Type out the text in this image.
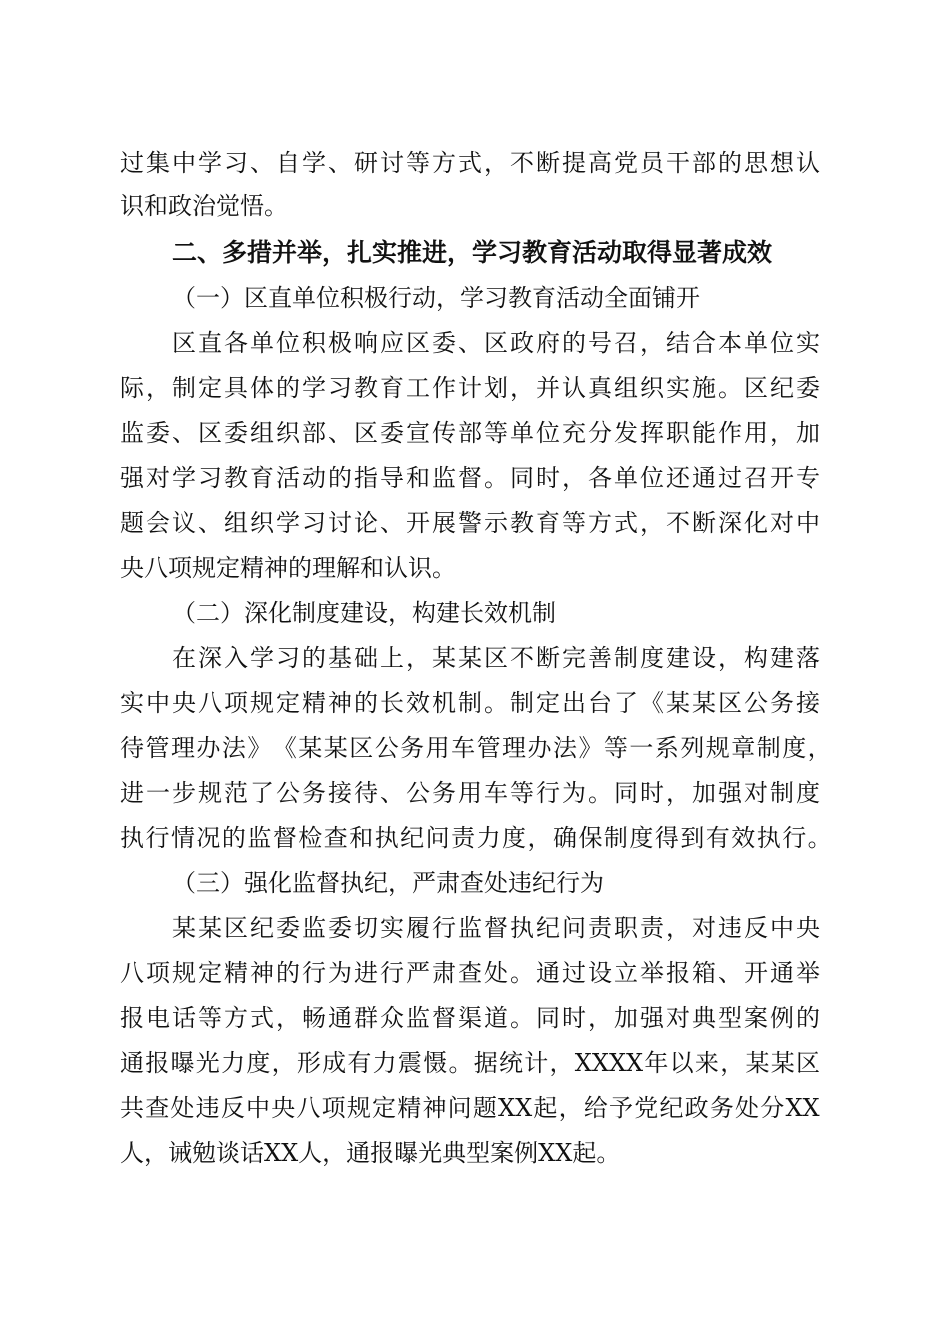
过 集 中 学 习 、 自 学 、 研 讨 等 方 式 ， 不 断 提 高 党 员 干 部 的 思 想 认
识和政治觉悟。
二、多措并举，扎实推进，学习教育活动取得显著成效
（一）区直单位积极行动，学习教育活动全面铺开
区 直 各 单 位 积 极 响 应 区 委 、 区 政 府 的 号 召 ， 结 合 本 单 位 实
际 ， 制 定 具 体 的 学 习 教 育 工 作 计 划 ， 并 认 真 组 织 实 施 。 区 纪 委
监 委 、 区 委 组 织 部 、 区 委 宣 传 部 等 单 位 充 分 发 挥 职 能 作 用 ， 加
强 对 学 习 教 育 活 动 的 指 导 和 监 督 。 同 时 ， 各 单 位 还 通 过 召 开 专
题 会 议 、 组 织 学 习 讨 论 、 开 展 警 示 教 育 等 方 式 ， 不 断 深 化 对 中
央八项规定精神的理解和认识。
（二）深化制度建设，构建长效机制
在 深 入 学 习 的 基 础 上 ， 某 某 区 不 断 完 善 制 度 建 设 ， 构 建 落
实 中 央 八 项 规 定 精 神 的 长 效 机 制 。 制 定 出 台 了 《 某 某 区 公 务 接
待 管 理 办 法 》 《 某 某 区 公 务 用 车 管 理 办 法 》 等 一 系 列 规 章 制 度 ，
进 一 步 规 范 了 公 务 接 待 、 公 务 用 车 等 行 为 。 同 时 ， 加 强 对 制 度
执 行 情 况 的 监 督 检 查 和 执 纪 问 责 力 度 ， 确 保 制 度 得 到 有 效 执 行 。
（三）强化监督执纪，严肃查处违纪行为
某 某 区 纪 委 监 委 切 实 履 行 监 督 执 纪 问 责 职 责 ， 对 违 反 中 央
八 项 规 定 精 神 的 行 为 进 行 严 肃 查 处 。 通 过 设 立 举 报 箱 、 开 通 举
报 电 话 等 方 式 ， 畅 通 群 众 监 督 渠 道 。 同 时 ， 加 强 对 典 型 案 例 的
通 报 曝 光 力 度 ， 形 成 有 力 震 慑 。 据 统 计 ， XXXX 年 以 来 ， 某 某 区
共 查 处 违 反 中 央 八 项 规 定 精 神 问 题 XX 起 ， 给 予 党 纪 政 务 处 分 XX
人，诫勉谈话XX人，通报曝光典型案例XX起。
